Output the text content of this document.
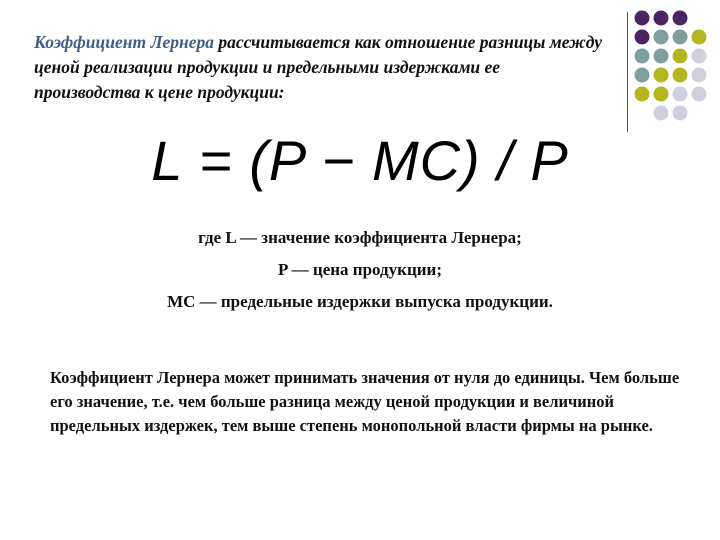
Коэффициент Лернера рассчитывается как отношение разницы между ценой реализации продукции и предельными издержками ее производства к цене продукции:
L = (P − MC) / P
где L — значение коэффициента Лернера;
P — цена продукции;
MC — предельные издержки выпуска продукции.
Коэффициент Лернера может принимать значения от нуля до единицы. Чем больше его значение, т.е. чем больше разница между ценой продукции и величиной предельных издержек, тем выше степень монопольной власти фирмы на рынке.
